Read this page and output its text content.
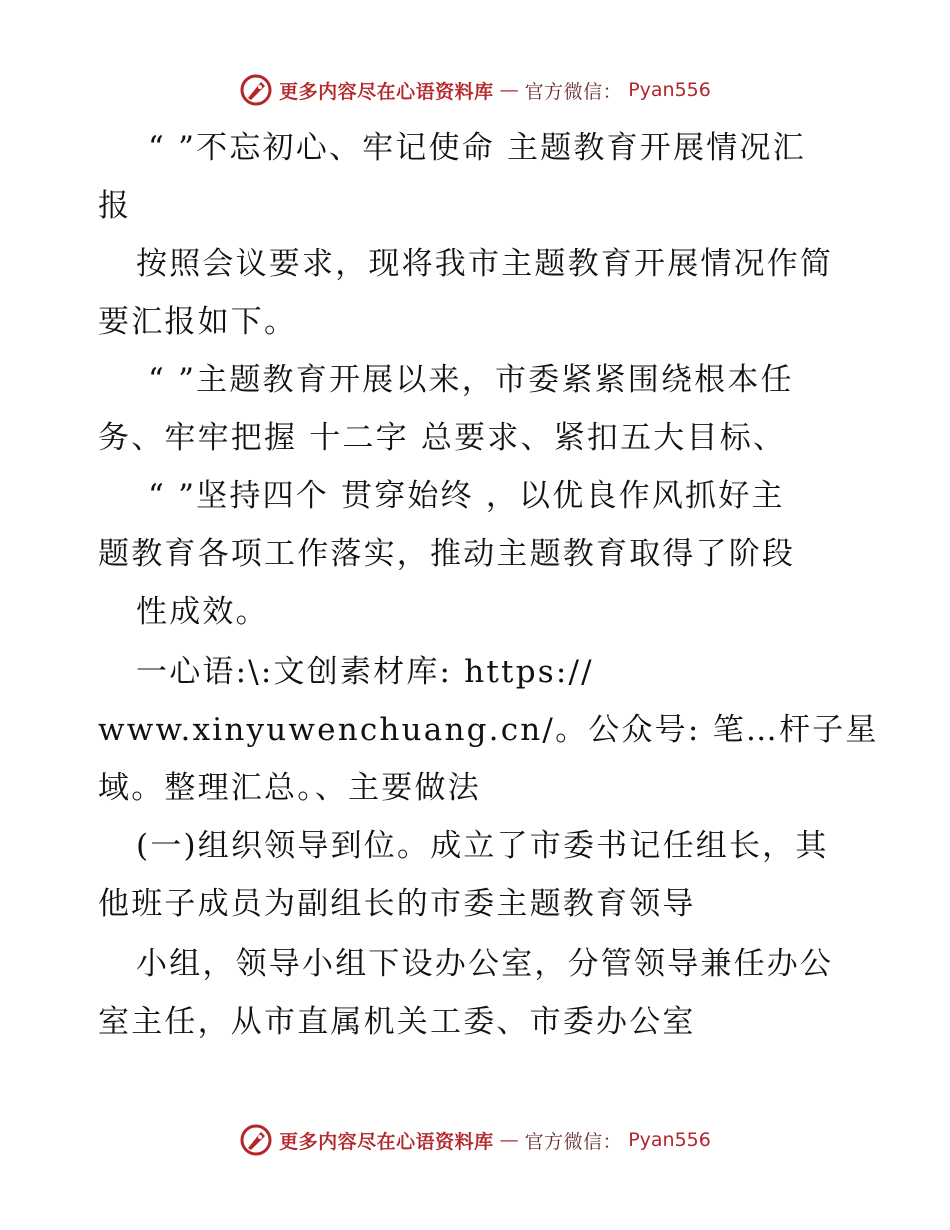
更多内容尽在心语资料库 — 官方微信： Pyan556
“ ”不忘初心、牢记使命 主题教育开展情况汇
报
按照会议要求，现将我市主题教育开展情况作简
要汇报如下。
“ ”主题教育开展以来，市委紧紧围绕根本任
务、牢牢把握 十二字 总要求、紧扣五大目标、
“ ”坚持四个 贯穿始终 ，以优良作风抓好主
题教育各项工作落实，推动主题教育取得了阶段
性成效。
一心语:\:文创素材库: https://
www.xinyuwenchuang.cn/。公众号: 笔…杆子星
域。整理汇总。、主要做法
(一)组织领导到位。成立了市委书记任组长，其
他班子成员为副组长的市委主题教育领导
小组，领导小组下设办公室，分管领导兼任办公
室主任，从市直属机关工委、市委办公室
更多内容尽在心语资料库 — 官方微信： Pyan556
